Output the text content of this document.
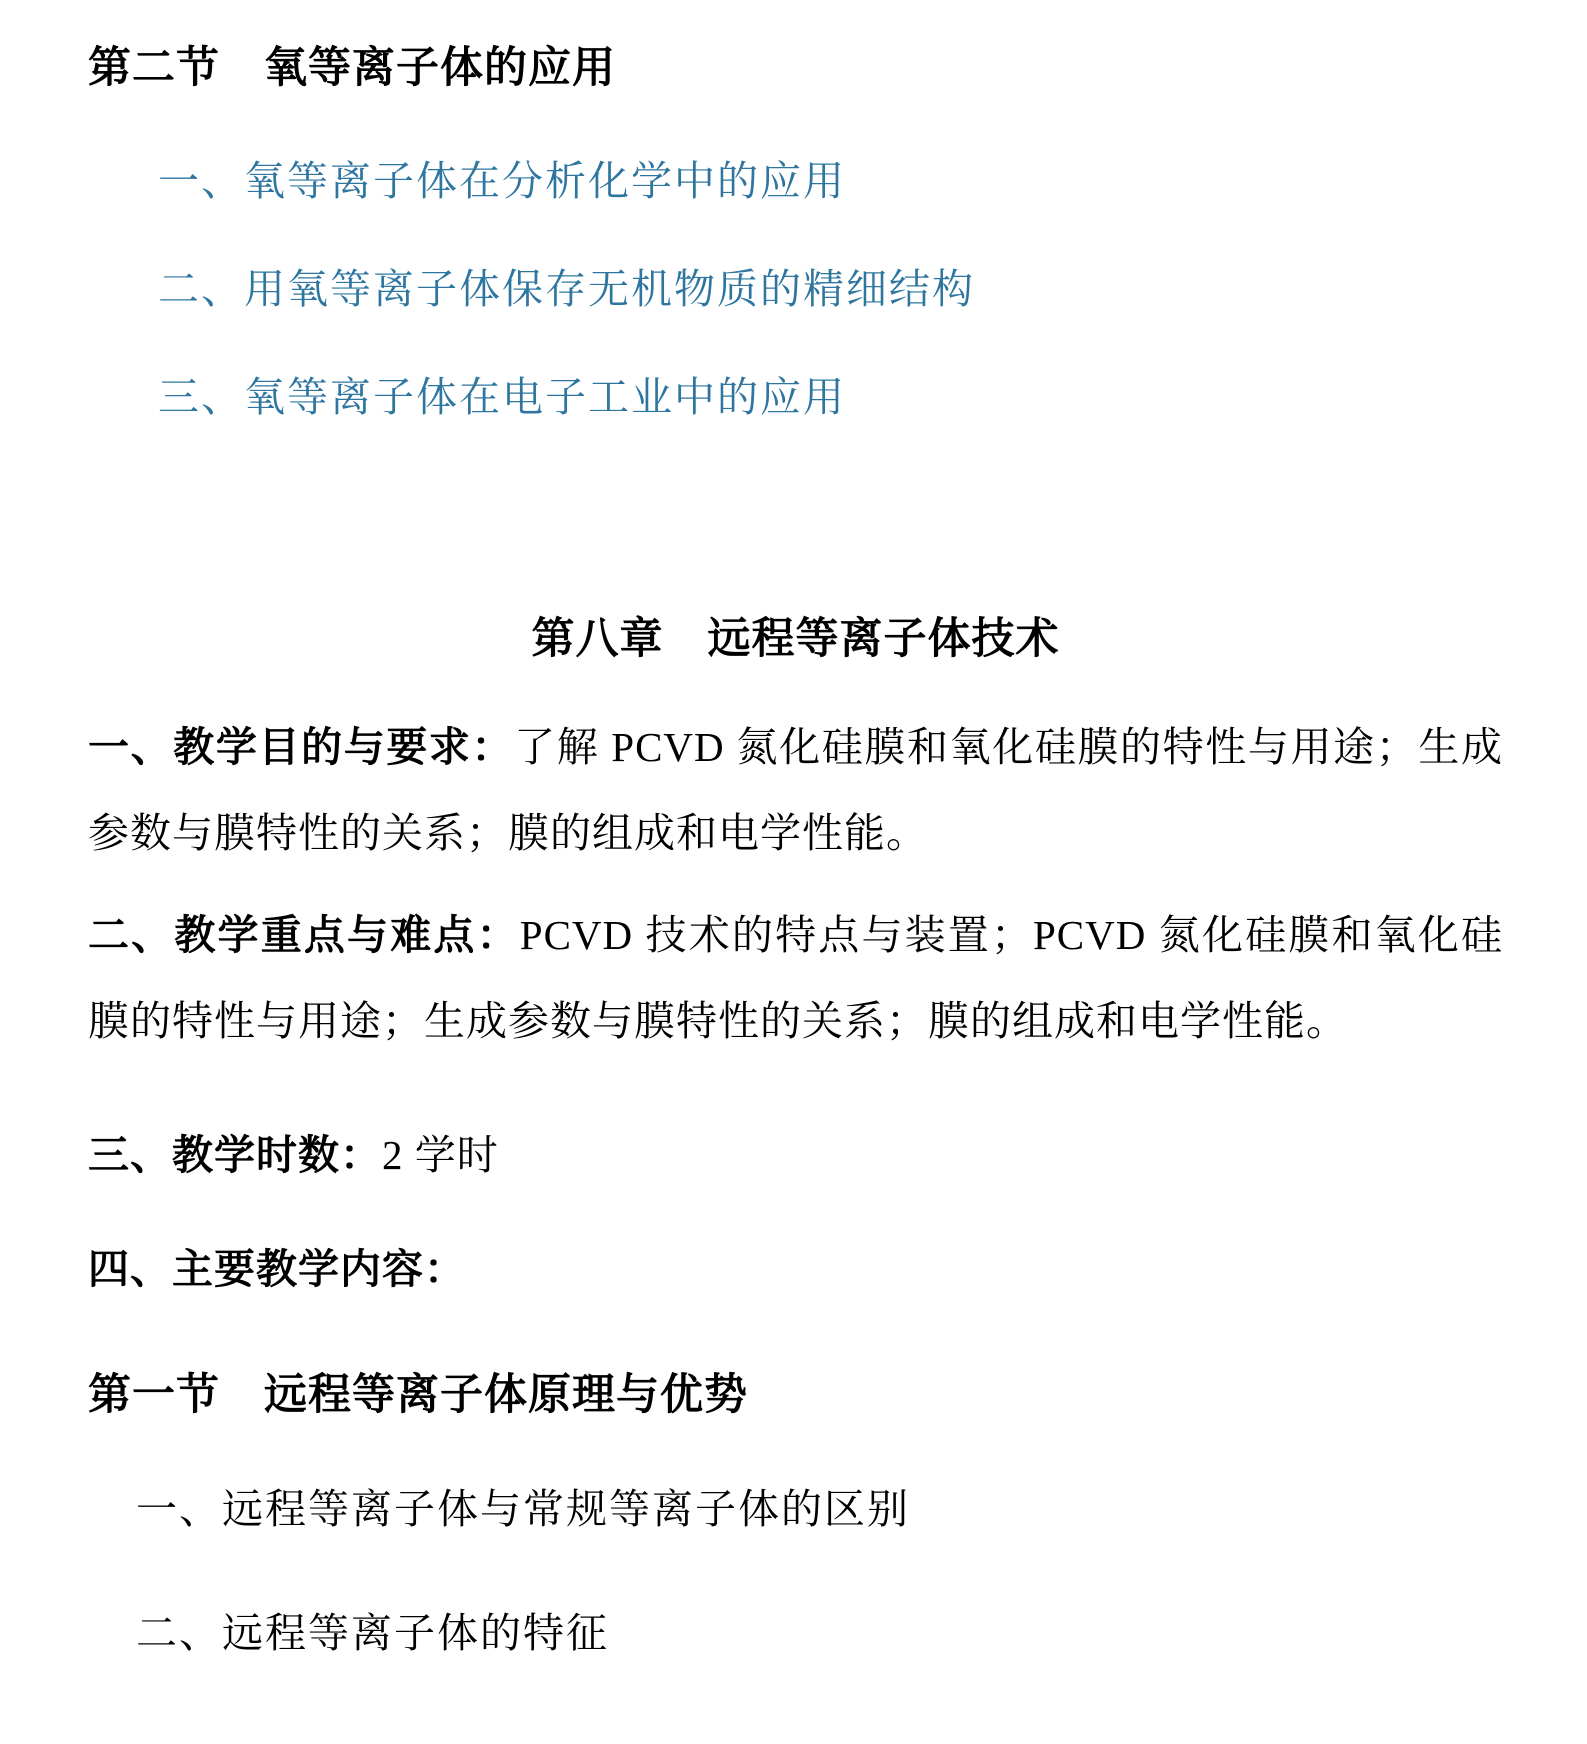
第二节　氧等离子体的应用
一、氧等离子体在分析化学中的应用
二、用氧等离子体保存无机物质的精细结构
三、氧等离子体在电子工业中的应用
第八章　远程等离子体技术

一、教学目的与要求：了解 PCVD 氮化硅膜和氧化硅膜的特性与用途；生成参数与膜特性的关系；膜的组成和电学性能。

二、教学重点与难点：PCVD 技术的特点与装置；PCVD 氮化硅膜和氧化硅膜的特性与用途；生成参数与膜特性的关系；膜的组成和电学性能。

三、教学时数：2 学时

四、主要教学内容：

第一节　远程等离子体原理与优势
一、远程等离子体与常规等离子体的区别
二、远程等离子体的特征
